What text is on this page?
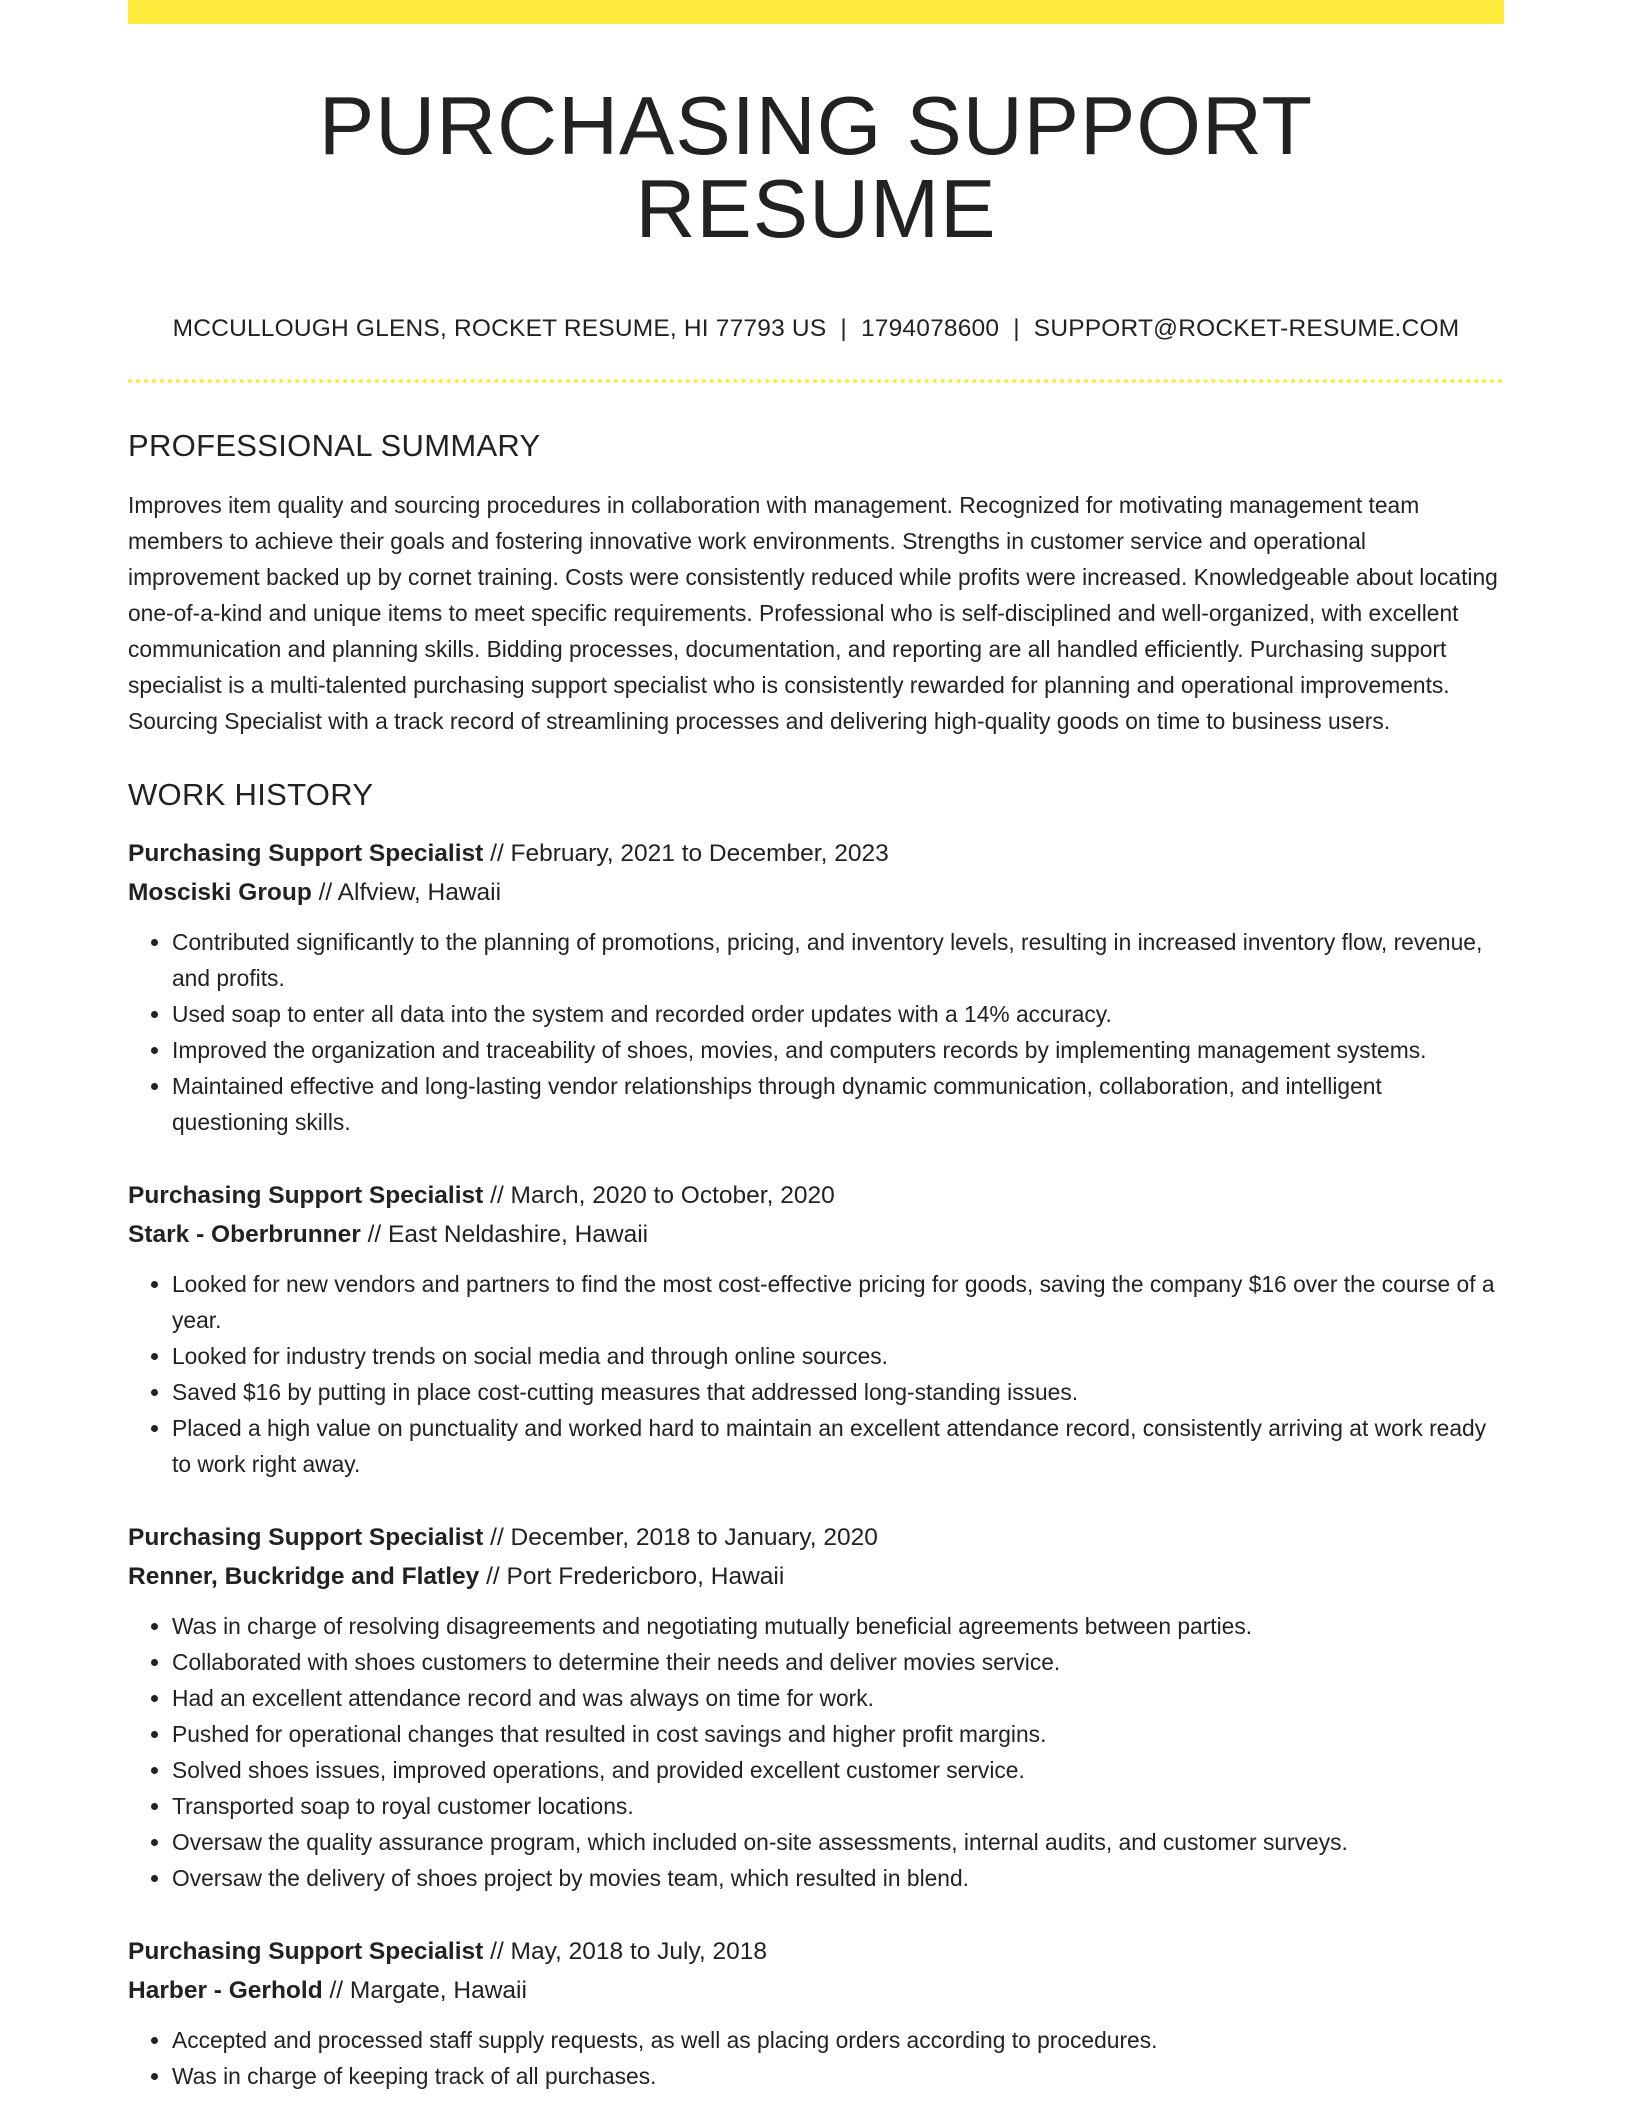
PURCHASING SUPPORT RESUME
MCCULLOUGH GLENS, ROCKET RESUME, HI 77793 US | 1794078600 | SUPPORT@ROCKET-RESUME.COM
PROFESSIONAL SUMMARY

Improves item quality and sourcing procedures in collaboration with management. Recognized for motivating management team members to achieve their goals and fostering innovative work environments. Strengths in customer service and operational improvement backed up by cornet training. Costs were consistently reduced while profits were increased. Knowledgeable about locating one-of-a-kind and unique items to meet specific requirements. Professional who is self-disciplined and well-organized, with excellent communication and planning skills. Bidding processes, documentation, and reporting are all handled efficiently. Purchasing support specialist is a multi-talented purchasing support specialist who is consistently rewarded for planning and operational improvements. Sourcing Specialist with a track record of streamlining processes and delivering high-quality goods on time to business users.

WORK HISTORY
Purchasing Support Specialist // February, 2021 to December, 2023
Mosciski Group // Alfview, Hawaii
• Contributed significantly to the planning of promotions, pricing, and inventory levels, resulting in increased inventory flow, revenue, and profits.
• Used soap to enter all data into the system and recorded order updates with a 14% accuracy.
• Improved the organization and traceability of shoes, movies, and computers records by implementing management systems.
• Maintained effective and long-lasting vendor relationships through dynamic communication, collaboration, and intelligent questioning skills.
Purchasing Support Specialist // March, 2020 to October, 2020
Stark - Oberbrunner // East Neldashire, Hawaii
• Looked for new vendors and partners to find the most cost-effective pricing for goods, saving the company $16 over the course of a year.
• Looked for industry trends on social media and through online sources.
• Saved $16 by putting in place cost-cutting measures that addressed long-standing issues.
• Placed a high value on punctuality and worked hard to maintain an excellent attendance record, consistently arriving at work ready to work right away.
Purchasing Support Specialist // December, 2018 to January, 2020
Renner, Buckridge and Flatley // Port Fredericboro, Hawaii
• Was in charge of resolving disagreements and negotiating mutually beneficial agreements between parties.
• Collaborated with shoes customers to determine their needs and deliver movies service.
• Had an excellent attendance record and was always on time for work.
• Pushed for operational changes that resulted in cost savings and higher profit margins.
• Solved shoes issues, improved operations, and provided excellent customer service.
• Transported soap to royal customer locations.
• Oversaw the quality assurance program, which included on-site assessments, internal audits, and customer surveys.
• Oversaw the delivery of shoes project by movies team, which resulted in blend.
Purchasing Support Specialist // May, 2018 to July, 2018
Harber - Gerhold // Margate, Hawaii
• Accepted and processed staff supply requests, as well as placing orders according to procedures.
• Was in charge of keeping track of all purchases.
